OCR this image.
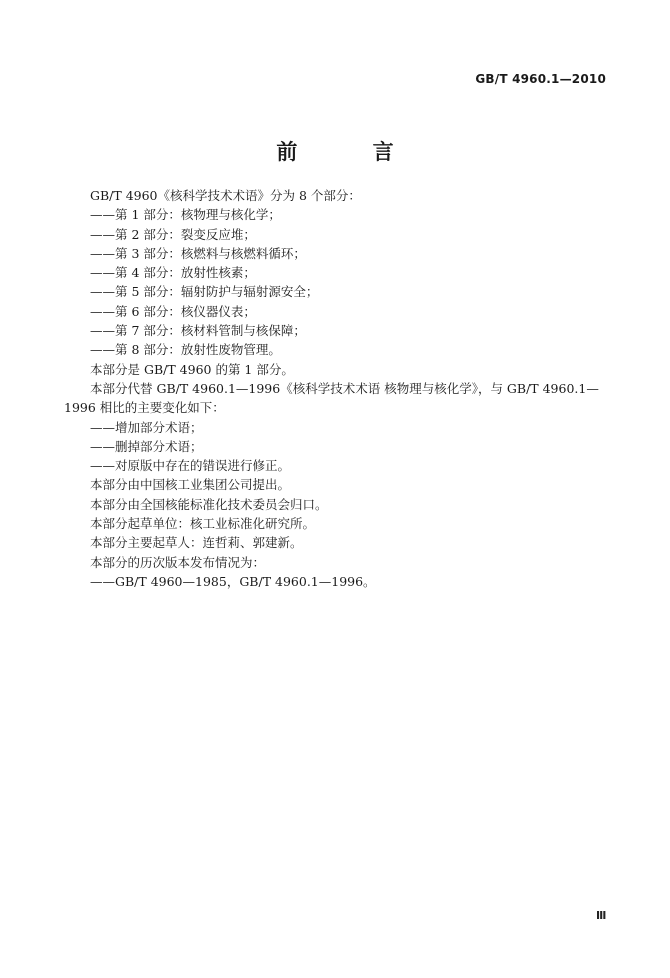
GB/T 4960.1—2010
前 言

GB/T 4960《核科学技术术语》分为 8 个部分：

——第 1 部分：核物理与核化学；

——第 2 部分：裂变反应堆；

——第 3 部分：核燃料与核燃料循环；

——第 4 部分：放射性核素；

——第 5 部分：辐射防护与辐射源安全；

——第 6 部分：核仪器仪表；

——第 7 部分：核材料管制与核保障；

——第 8 部分：放射性废物管理。

本部分是 GB/T 4960 的第 1 部分。

本部分代替 GB/T 4960.1—1996《核科学技术术语 核物理与核化学》，与 GB/T 4960.1—1996 相比的主要变化如下：

——增加部分术语；

——删掉部分术语；

——对原版中存在的错误进行修正。

本部分由中国核工业集团公司提出。

本部分由全国核能标准化技术委员会归口。

本部分起草单位：核工业标准化研究所。

本部分主要起草人：连哲莉、郭建新。

本部分的历次版本发布情况为：

——GB/T 4960—1985，GB/T 4960.1—1996。

Ⅲ
